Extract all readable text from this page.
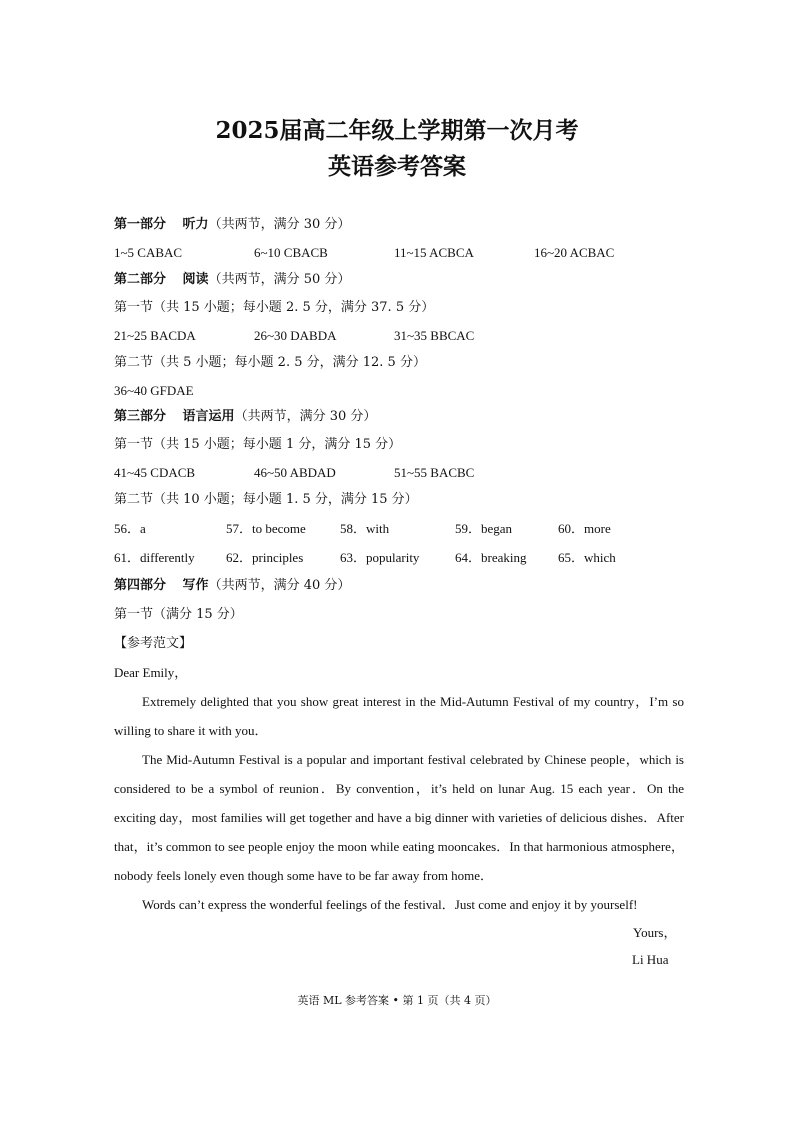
2025届高二年级上学期第一次月考
英语参考答案
第一部分 听力（共两节，满分 30 分）
1~5 CABAC	6~10 CBACB	11~15 ACBCA	16~20 ACBAC
第二部分 阅读（共两节，满分 50 分）
第一节（共 15 小题；每小题 2. 5 分，满分 37. 5 分）
21~25 BACDA	26~30 DABDA	31~35 BBCAC
第二节（共 5 小题；每小题 2. 5 分，满分 12. 5 分）
36~40 GFDAE
第三部分 语言运用（共两节，满分 30 分）
第一节（共 15 小题；每小题 1 分，满分 15 分）
41~45 CDACB	46~50 ABDAD	51~55 BACBC
第二节（共 10 小题；每小题 1. 5 分，满分 15 分）
56．a	57．to become	58．with	59．began	60．more
61．differently 62．principles	63．popularity	64．breaking 65．which
第四部分 写作（共两节，满分 40 分）
第一节（满分 15 分）
【参考范文】
Dear Emily，
Extremely delighted that you show great interest in the Mid-Autumn Festival of my country，I’m so willing to share it with you．
The Mid-Autumn Festival is a popular and important festival celebrated by Chinese people，which is considered to be a symbol of reunion．By convention，it’s held on lunar Aug. 15 each year．On the exciting day，most families will get together and have a big dinner with varieties of delicious dishes．After that，it’s common to see people enjoy the moon while eating mooncakes．In that harmonious atmosphere，nobody feels lonely even though some have to be far away from home．
Words can’t express the wonderful feelings of the festival．Just come and enjoy it by yourself!
Yours，
Li Hua
英语 ML 参考答案 • 第 1 页（共 4 页）
